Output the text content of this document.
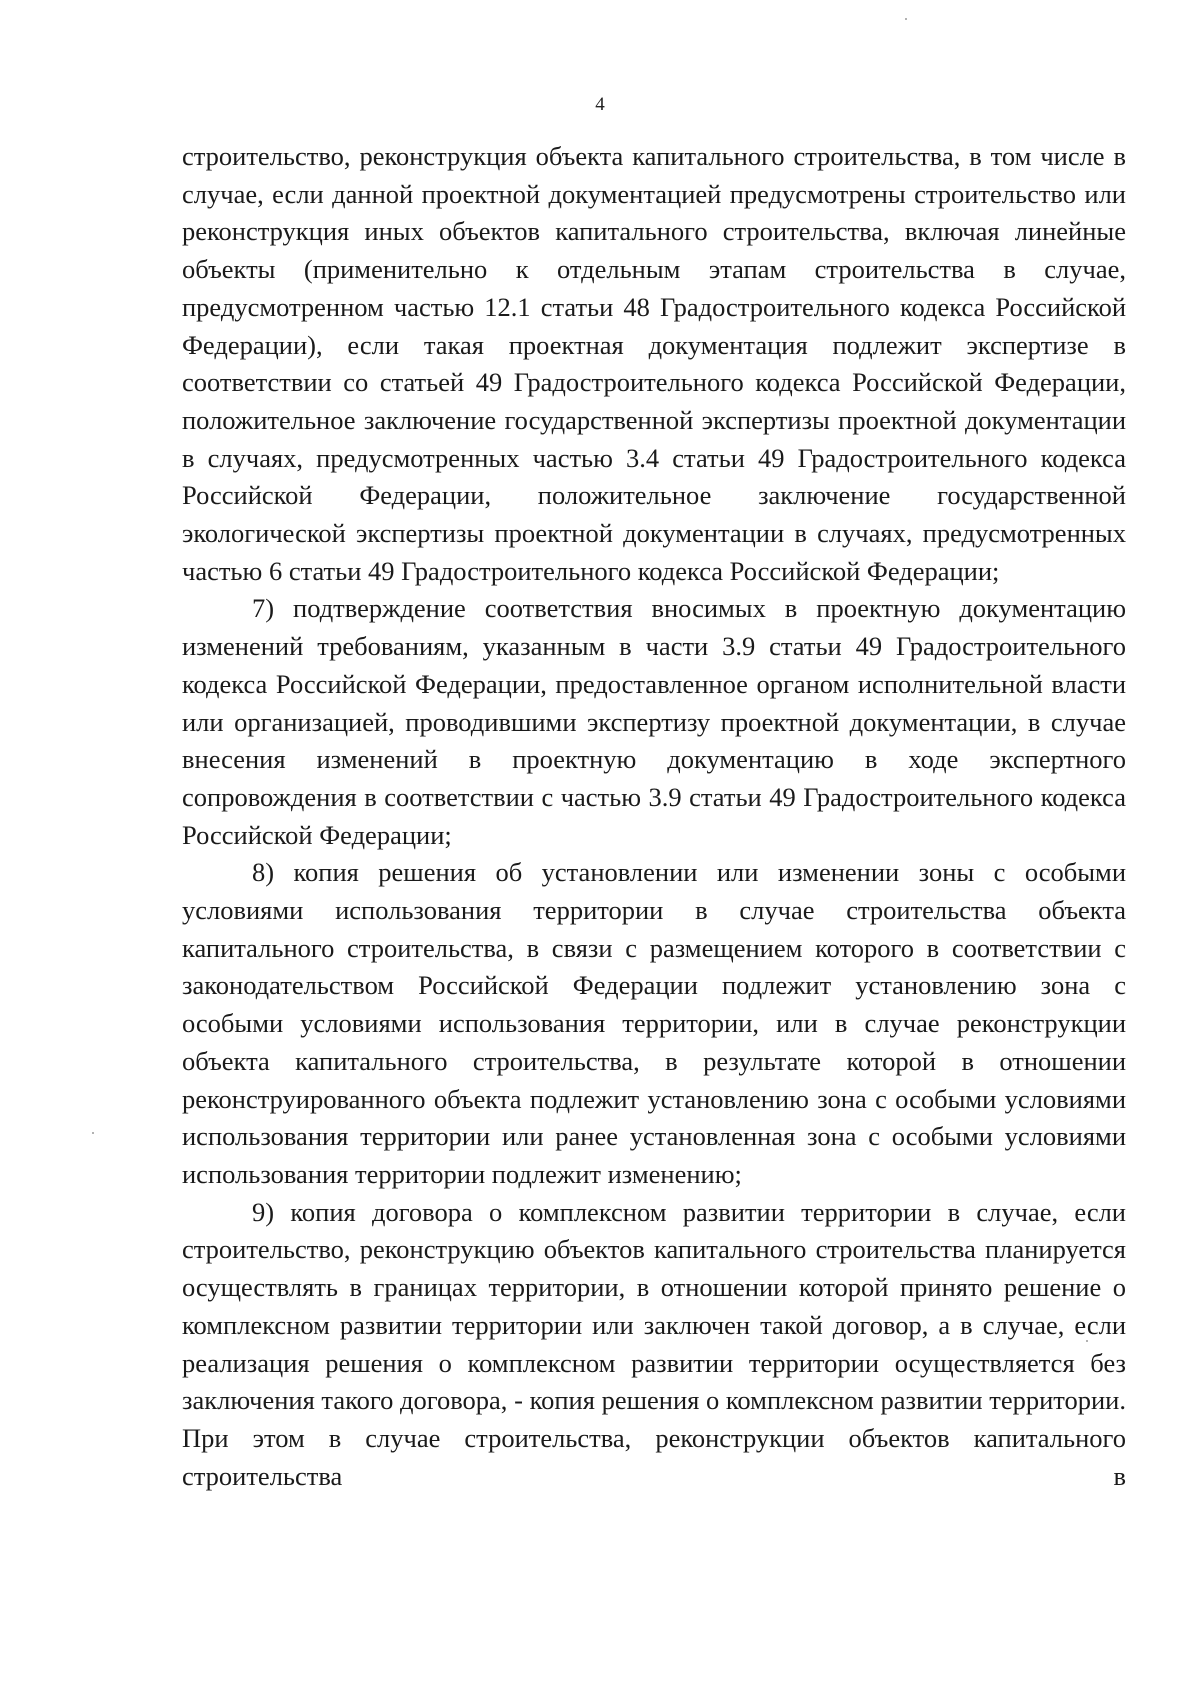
4

строительство, реконструкция объекта капитального строительства, в том числе в случае, если данной проектной документацией предусмотрены строительство или реконструкция иных объектов капитального строительства, включая линейные объекты (применительно к отдельным этапам строительства в случае, предусмотренном частью 12.1 статьи 48 Градостроительного кодекса Российской Федерации), если такая проектная документация подлежит экспертизе в соответствии со статьей 49 Градостроительного кодекса Российской Федерации, положительное заключение государственной экспертизы проектной документации в случаях, предусмотренных частью 3.4 статьи 49 Градостроительного кодекса Российской Федерации, положительное заключение государственной экологической экспертизы проектной документации в случаях, предусмотренных частью 6 статьи 49 Градостроительного кодекса Российской Федерации;

7) подтверждение соответствия вносимых в проектную документацию изменений требованиям, указанным в части 3.9 статьи 49 Градостроительного кодекса Российской Федерации, предоставленное органом исполнительной власти или организацией, проводившими экспертизу проектной документации, в случае внесения изменений в проектную документацию в ходе экспертного сопровождения в соответствии с частью 3.9 статьи 49 Градостроительного кодекса Российской Федерации;

8) копия решения об установлении или изменении зоны с особыми условиями использования территории в случае строительства объекта капитального строительства, в связи с размещением которого в соответствии с законодательством Российской Федерации подлежит установлению зона с особыми условиями использования территории, или в случае реконструкции объекта капитального строительства, в результате которой в отношении реконструированного объекта подлежит установлению зона с особыми условиями использования территории или ранее установленная зона с особыми условиями использования территории подлежит изменению;

9) копия договора о комплексном развитии территории в случае, если строительство, реконструкцию объектов капитального строительства планируется осуществлять в границах территории, в отношении которой принято решение о комплексном развитии территории или заключен такой договор, а в случае, если реализация решения о комплексном развитии территории осуществляется без заключения такого договора, - копия решения о комплексном развитии территории. При этом в случае строительства, реконструкции объектов капитального строительства в
